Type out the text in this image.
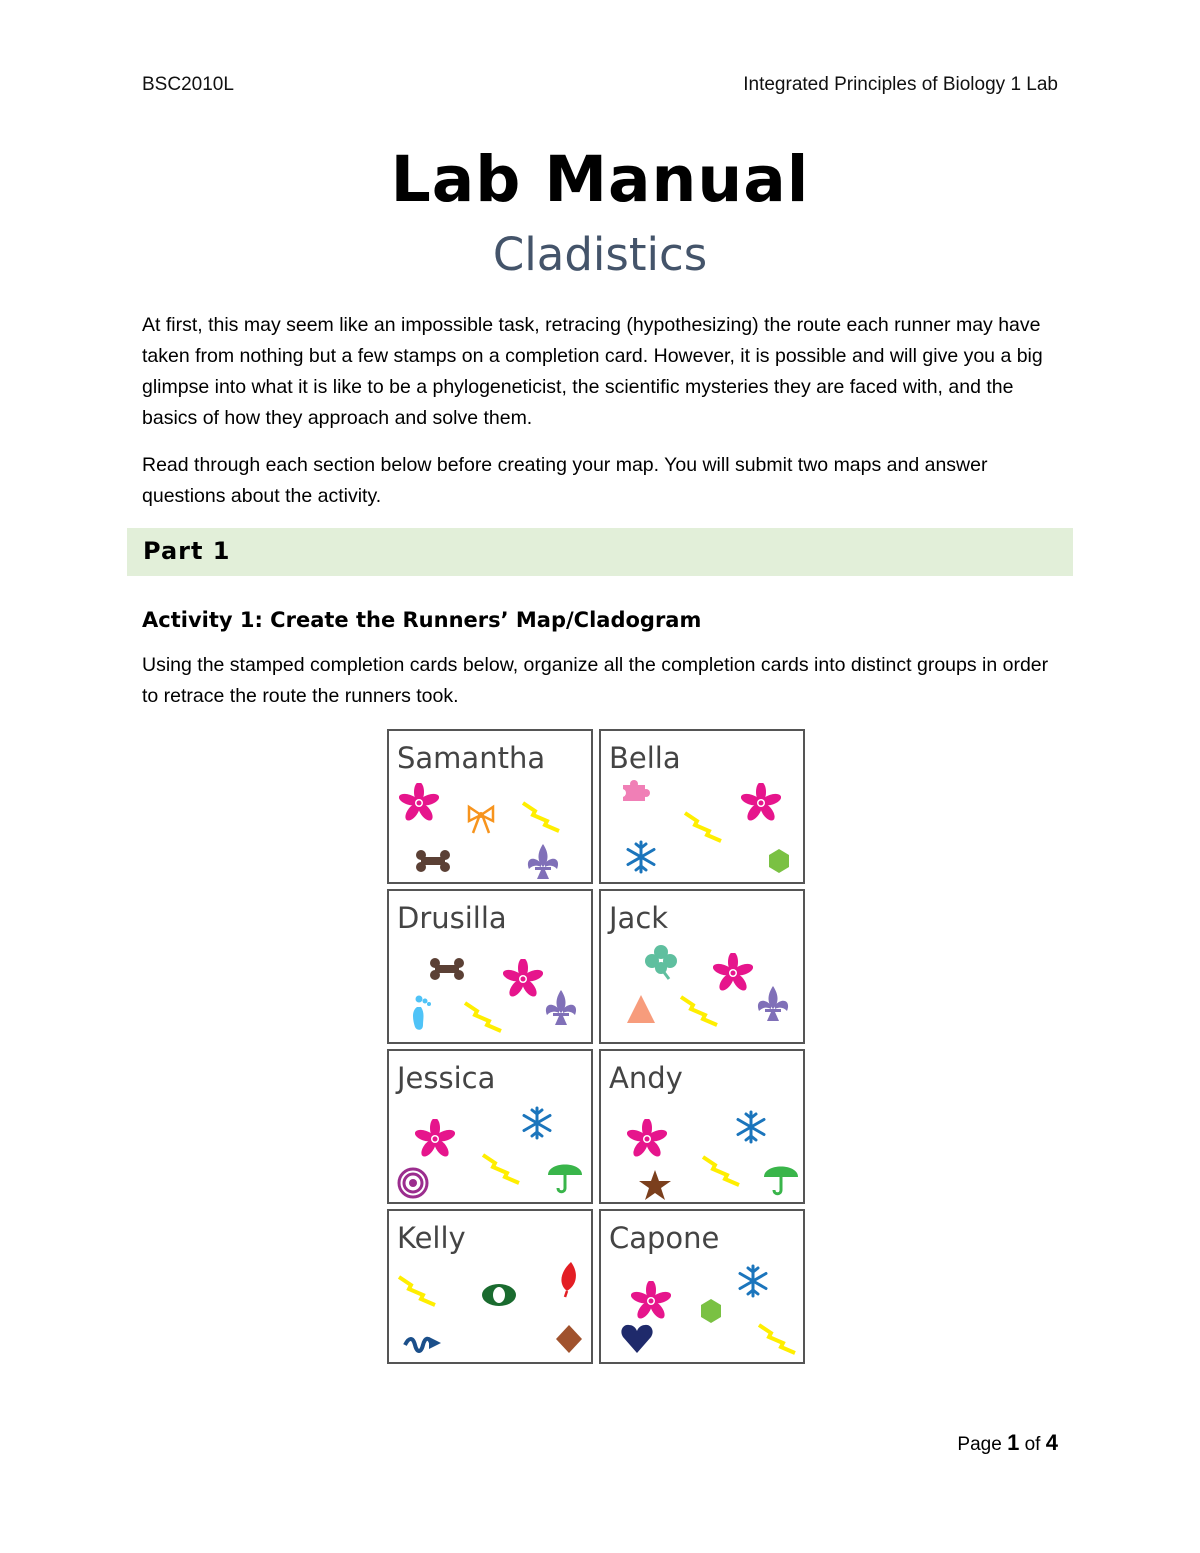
BSC2010L	Integrated Principles of Biology 1 Lab
Lab Manual
Cladistics

At first, this may seem like an impossible task, retracing (hypothesizing) the route each runner may have taken from nothing but a few stamps on a completion card. However, it is possible and will give you a big glimpse into what it is like to be a phylogeneticist, the scientific mysteries they are faced with, and the basics of how they approach and solve them.

Read through each section below before creating your map. You will submit two maps and answer questions about the activity.

Part 1
Activity 1: Create the Runners’ Map/Cladogram

Using the stamped completion cards below, organize all the completion cards into distinct groups in order to retrace the route the runners took.

Samantha Bella
Drusilla	Jack
Jessica	Andy
Kelly	Capone
Page 1 of 4
